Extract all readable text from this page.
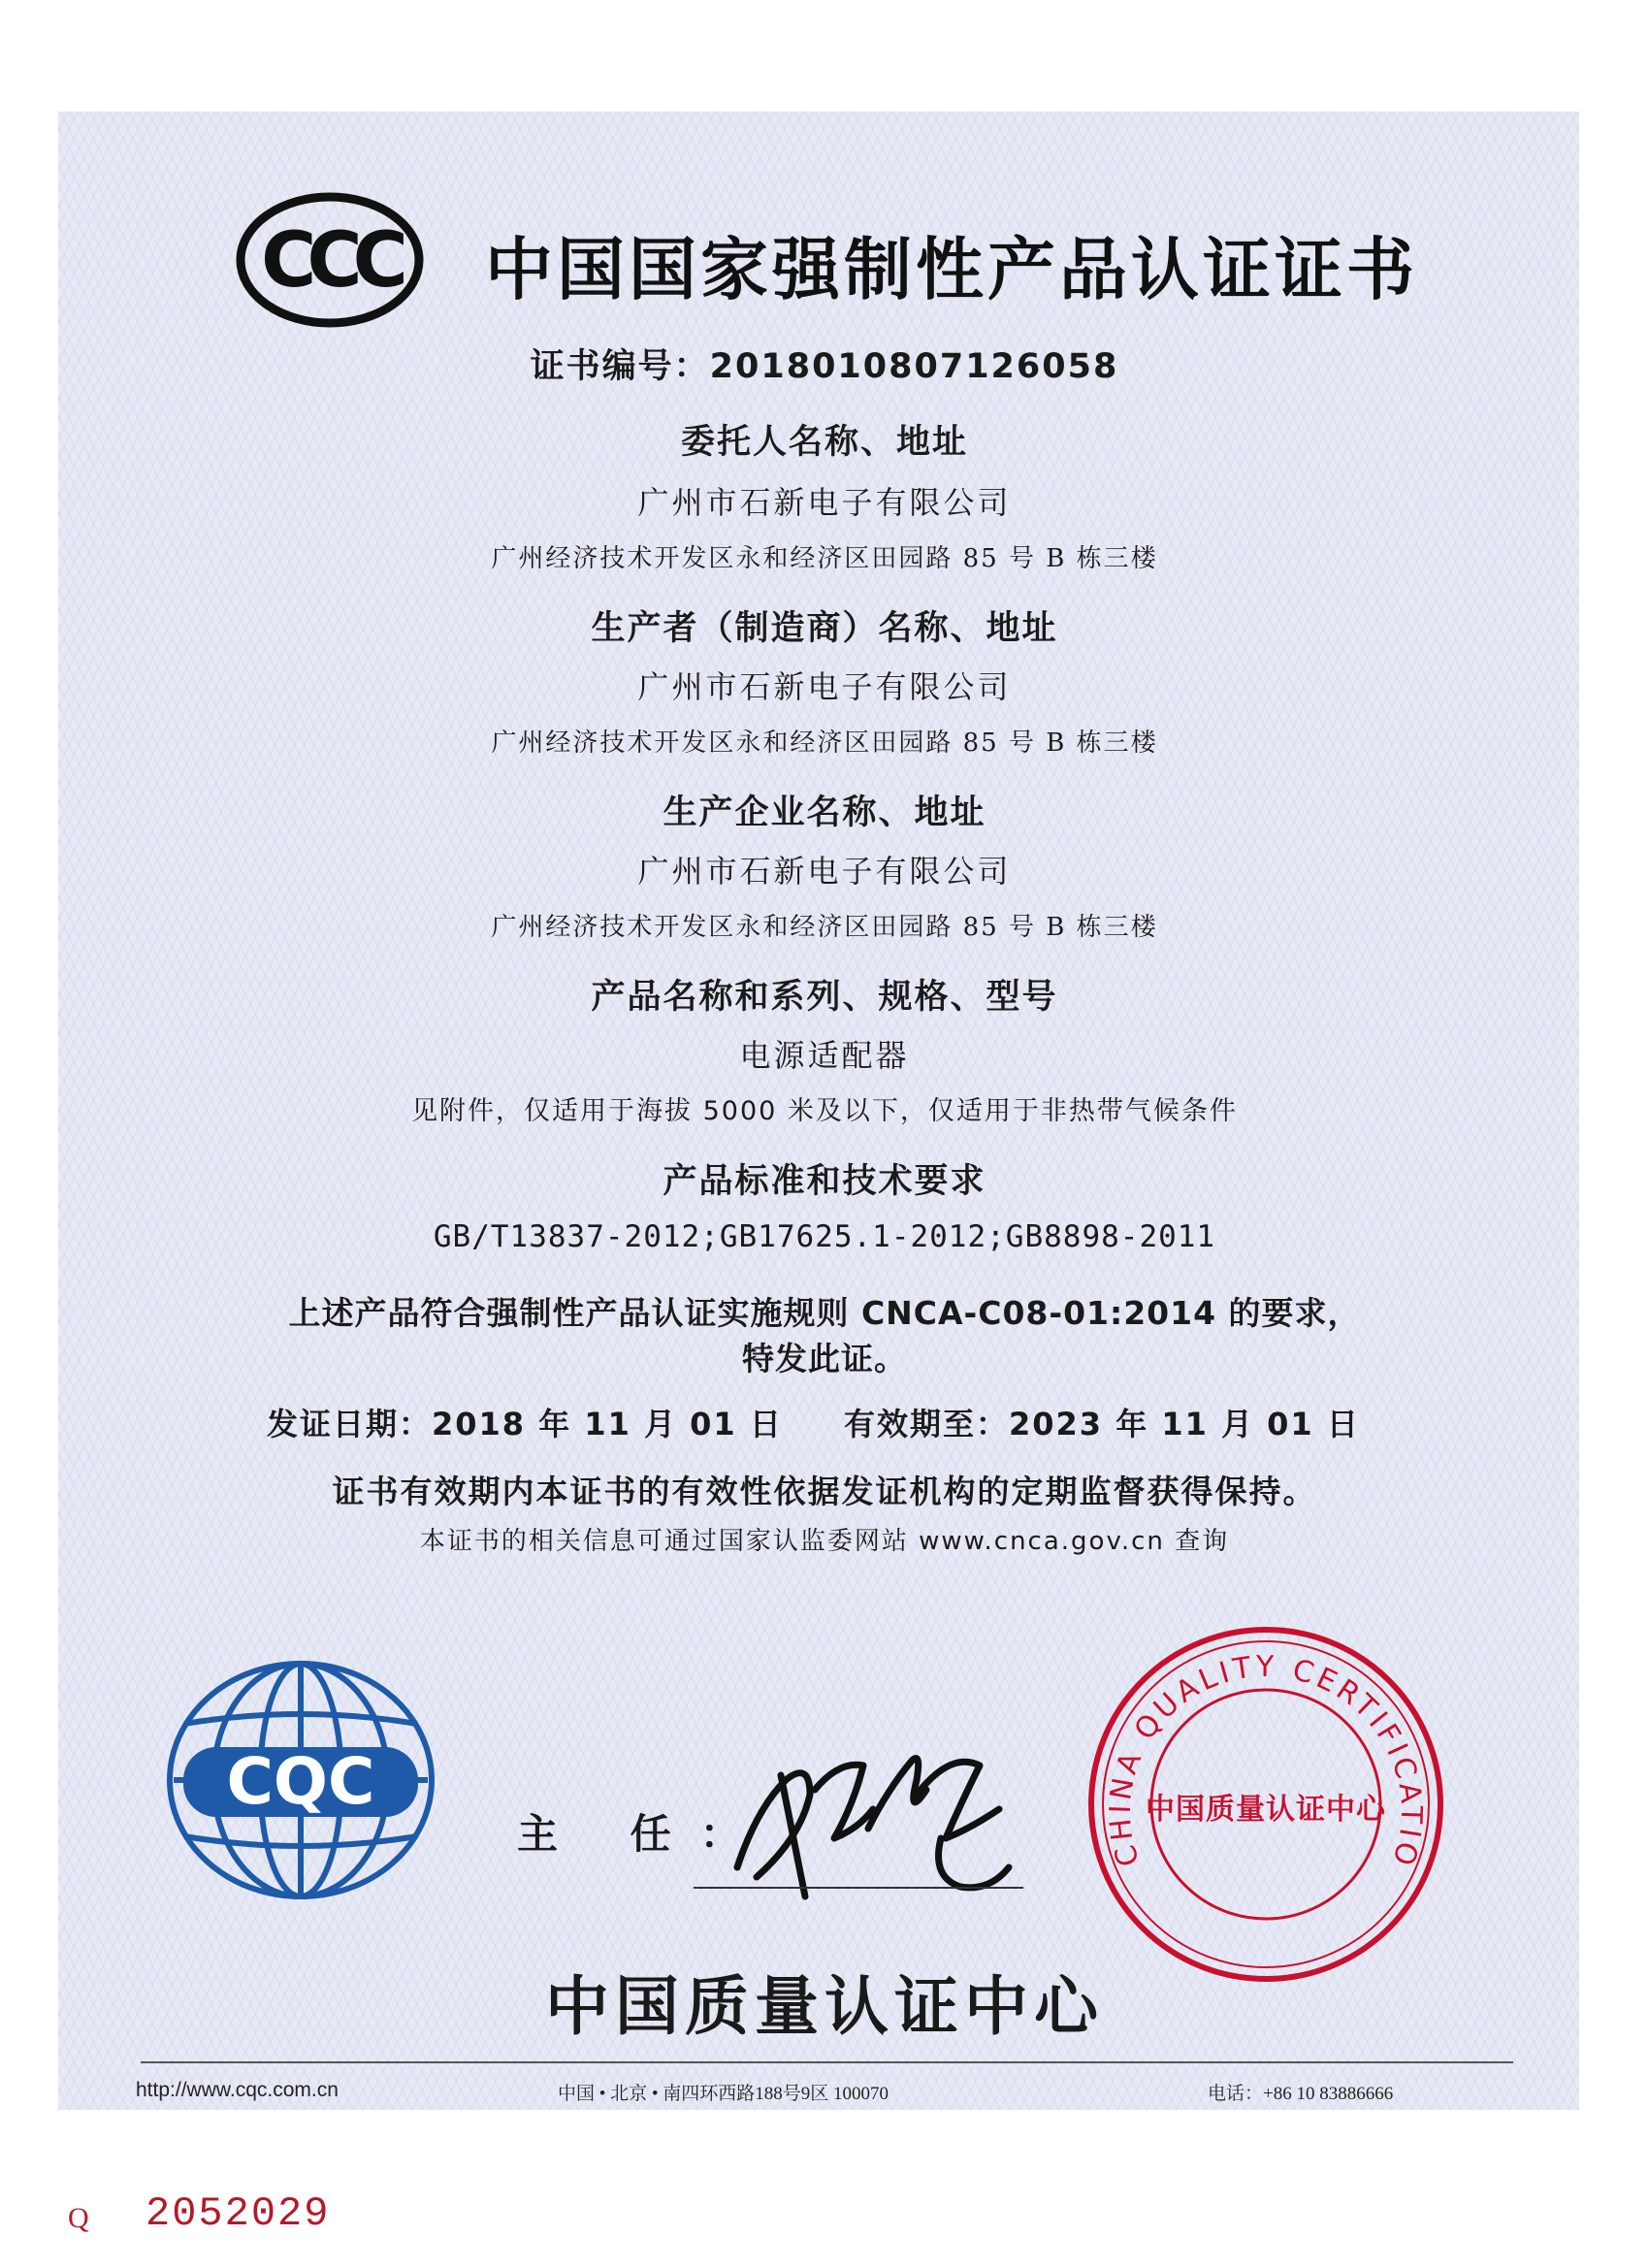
CCC 中国国家强制性产品认证证书
证书编号：2018010807126058
委托人名称、地址
广州市石新电子有限公司
广州经济技术开发区永和经济区田园路 85 号 B 栋三楼
生产者（制造商）名称、地址
广州市石新电子有限公司
广州经济技术开发区永和经济区田园路 85 号 B 栋三楼
生产企业名称、地址
广州市石新电子有限公司
广州经济技术开发区永和经济区田园路 85 号 B 栋三楼
产品名称和系列、规格、型号
电源适配器
见附件，仅适用于海拔 5000 米及以下，仅适用于非热带气候条件
产品标准和技术要求
GB/T13837-2012;GB17625.1-2012;GB8898-2011
上述产品符合强制性产品认证实施规则 CNCA-C08-01:2014 的要求，
特发此证。
发证日期：2018 年 11 月 01 日 有效期至：2023 年 11 月 01 日
证书有效期内本证书的有效性依据发证机构的定期监督获得保持。
本证书的相关信息可通过国家认监委网站 www.cnca.gov.cn 查询
CQC
主 任：	CHINA QUALITY CERTIFICATIO
中国质量认证中心
中国质量认证中心
http://www.cqc.com.cn	中国 • 北京 • 南四环西路188号9区 100070	电话：+86 10 83886666
Q 2052029
